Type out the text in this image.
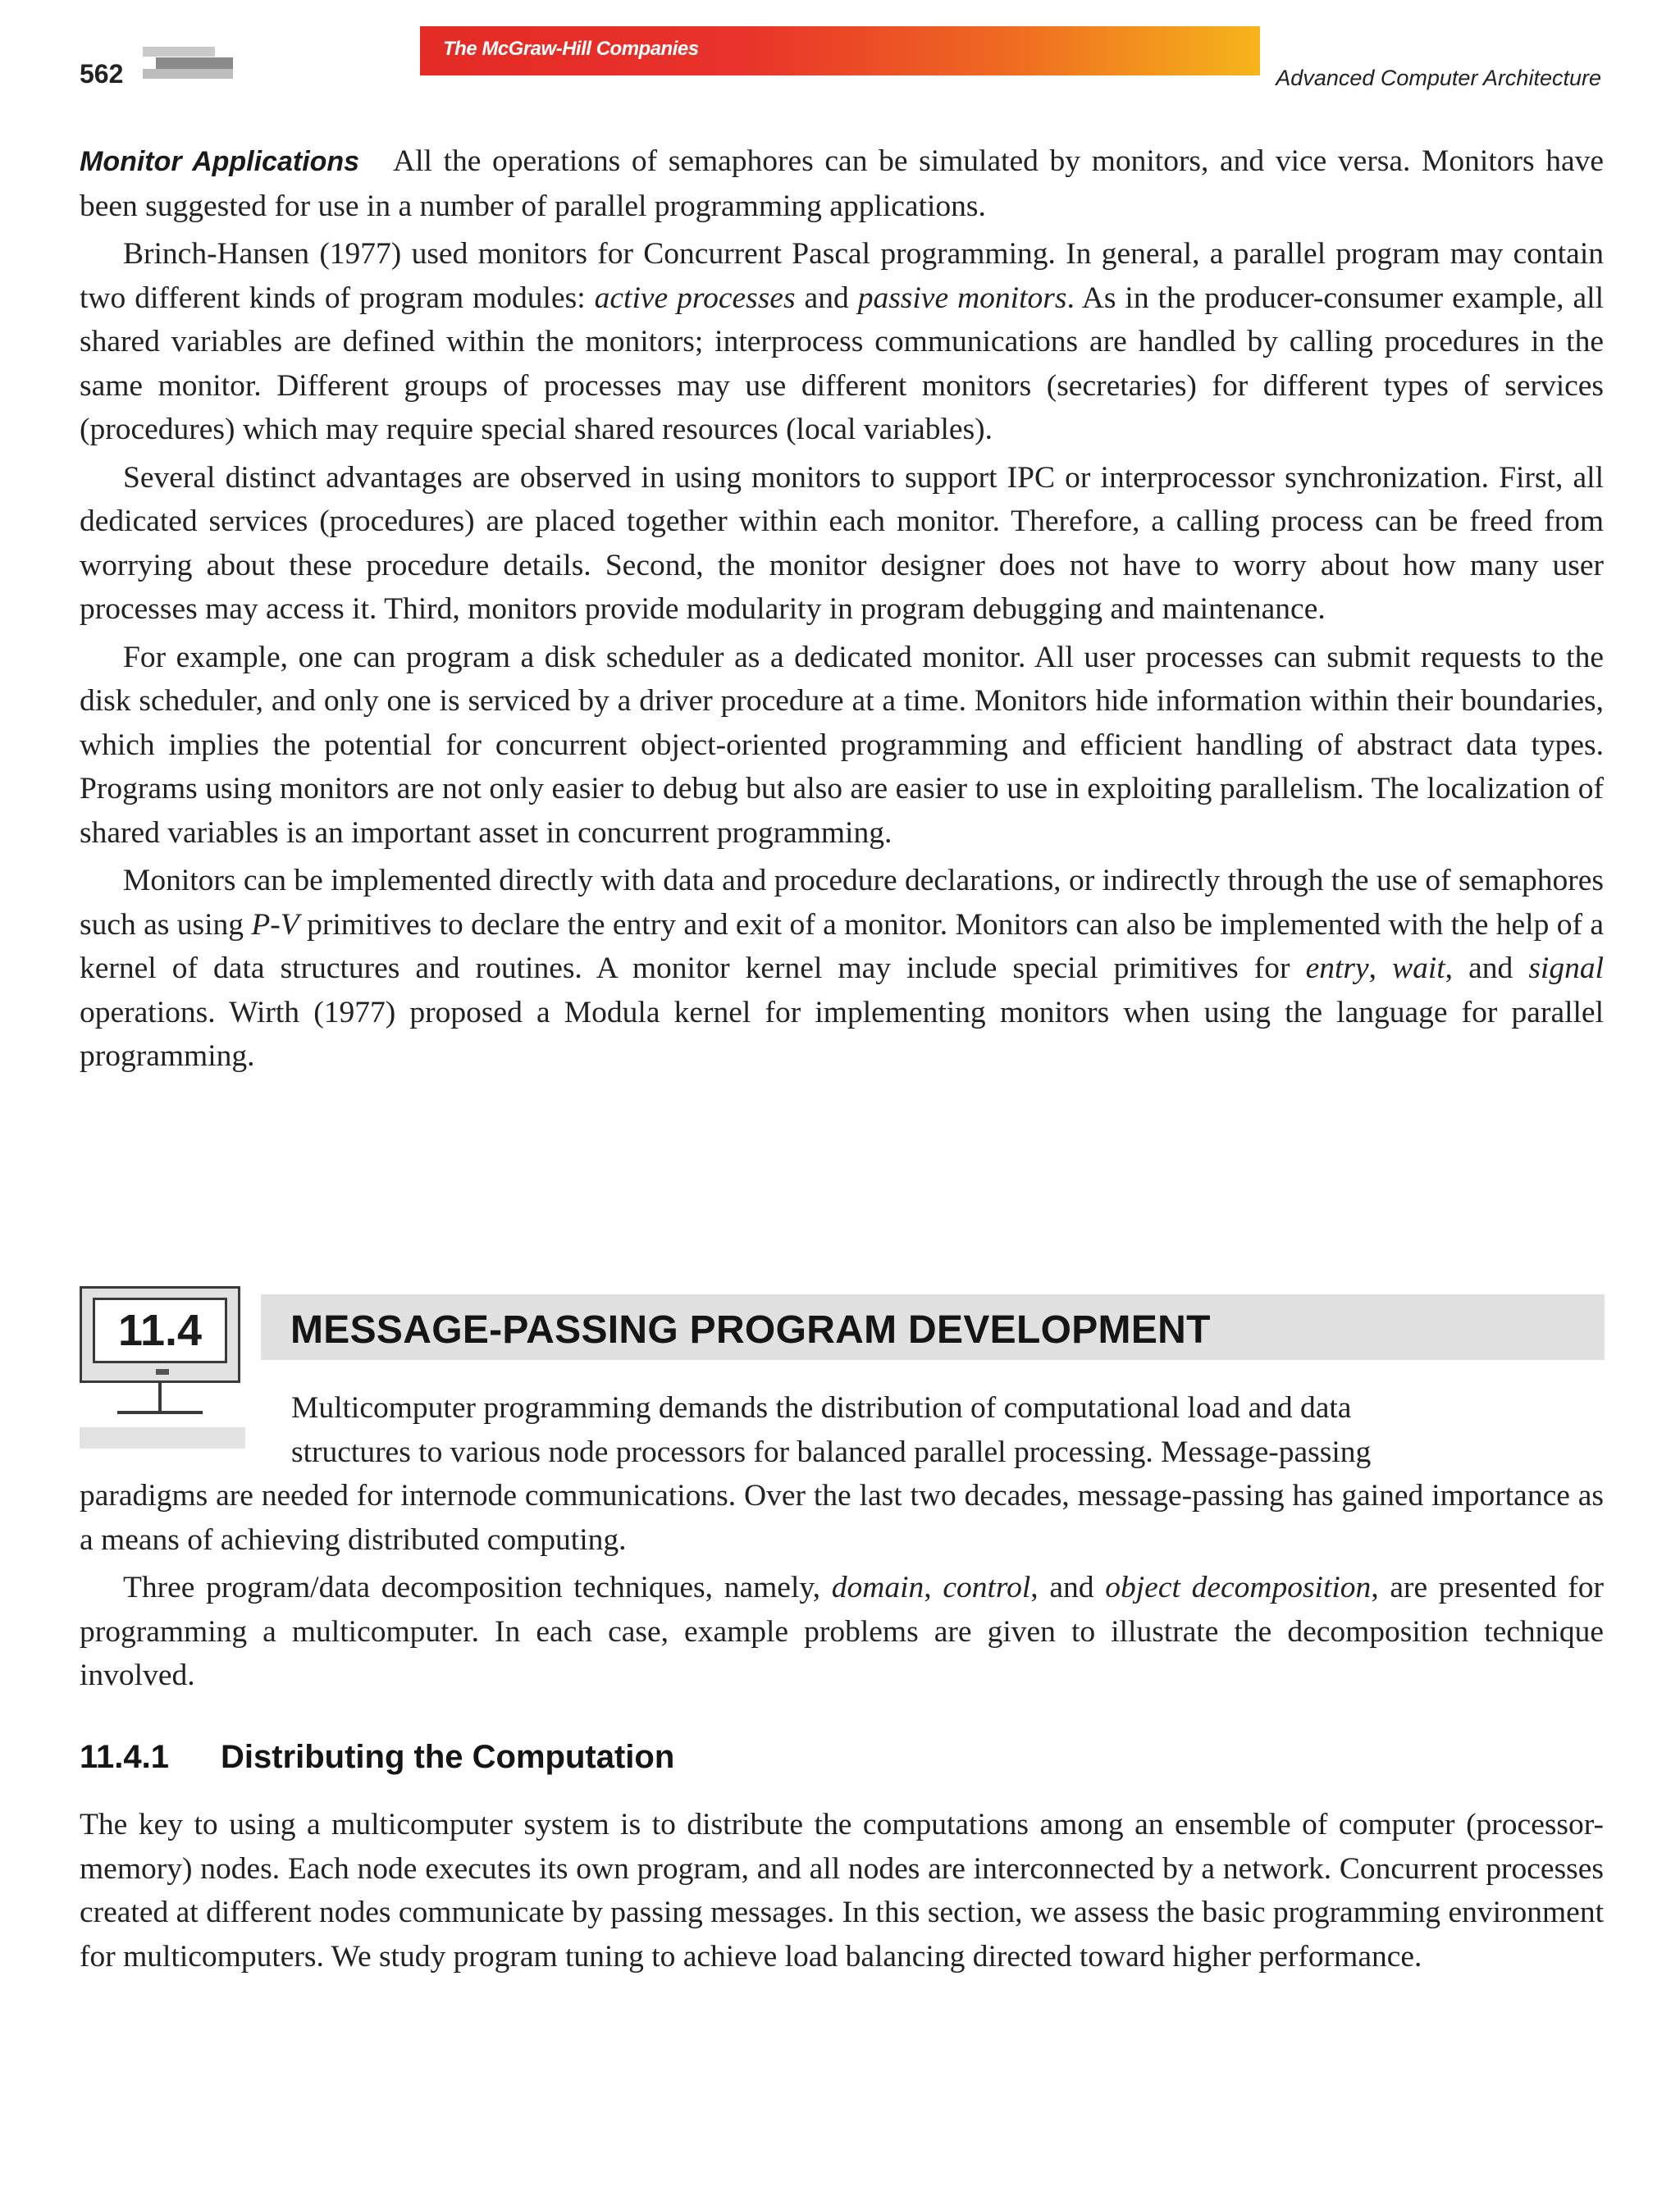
562
The McGraw-Hill Companies
Advanced Computer Architecture

Monitor Applications All the operations of semaphores can be simulated by monitors, and vice versa. Monitors have been suggested for use in a number of parallel programming applications.

Brinch-Hansen (1977) used monitors for Concurrent Pascal programming. In general, a parallel program may contain two different kinds of program modules: active processes and passive monitors. As in the producer-consumer example, all shared variables are defined within the monitors; interprocess communications are handled by calling procedures in the same monitor. Different groups of processes may use different monitors (secretaries) for different types of services (procedures) which may require special shared resources (local variables).

Several distinct advantages are observed in using monitors to support IPC or interprocessor synchronization. First, all dedicated services (procedures) are placed together within each monitor. Therefore, a calling process can be freed from worrying about these procedure details. Second, the monitor designer does not have to worry about how many user processes may access it. Third, monitors provide modularity in program debugging and maintenance.

For example, one can program a disk scheduler as a dedicated monitor. All user processes can submit requests to the disk scheduler, and only one is serviced by a driver procedure at a time. Monitors hide information within their boundaries, which implies the potential for concurrent object-oriented programming and efficient handling of abstract data types. Programs using monitors are not only easier to debug but also are easier to use in exploiting parallelism. The localization of shared variables is an important asset in concurrent programming.

Monitors can be implemented directly with data and procedure declarations, or indirectly through the use of semaphores such as using P-V primitives to declare the entry and exit of a monitor. Monitors can also be implemented with the help of a kernel of data structures and routines. A monitor kernel may include special primitives for entry, wait, and signal operations. Wirth (1977) proposed a Modula kernel for implementing monitors when using the language for parallel programming.

11.4	MESSAGE-PASSING PROGRAM DEVELOPMENT

Multicomputer programming demands the distribution of computational load and data

structures to various node processors for balanced parallel processing. Message-passing

paradigms are needed for internode communications. Over the last two decades, message-passing has gained importance as a means of achieving distributed computing.

Three program/data decomposition techniques, namely, domain, control, and object decomposition, are presented for programming a multicomputer. In each case, example problems are given to illustrate the decomposition technique involved.

11.4.1 Distributing the Computation

The key to using a multicomputer system is to distribute the computations among an ensemble of computer (processor-memory) nodes. Each node executes its own program, and all nodes are interconnected by a network. Concurrent processes created at different nodes communicate by passing messages. In this section, we assess the basic programming environment for multicomputers. We study program tuning to achieve load balancing directed toward higher performance.
